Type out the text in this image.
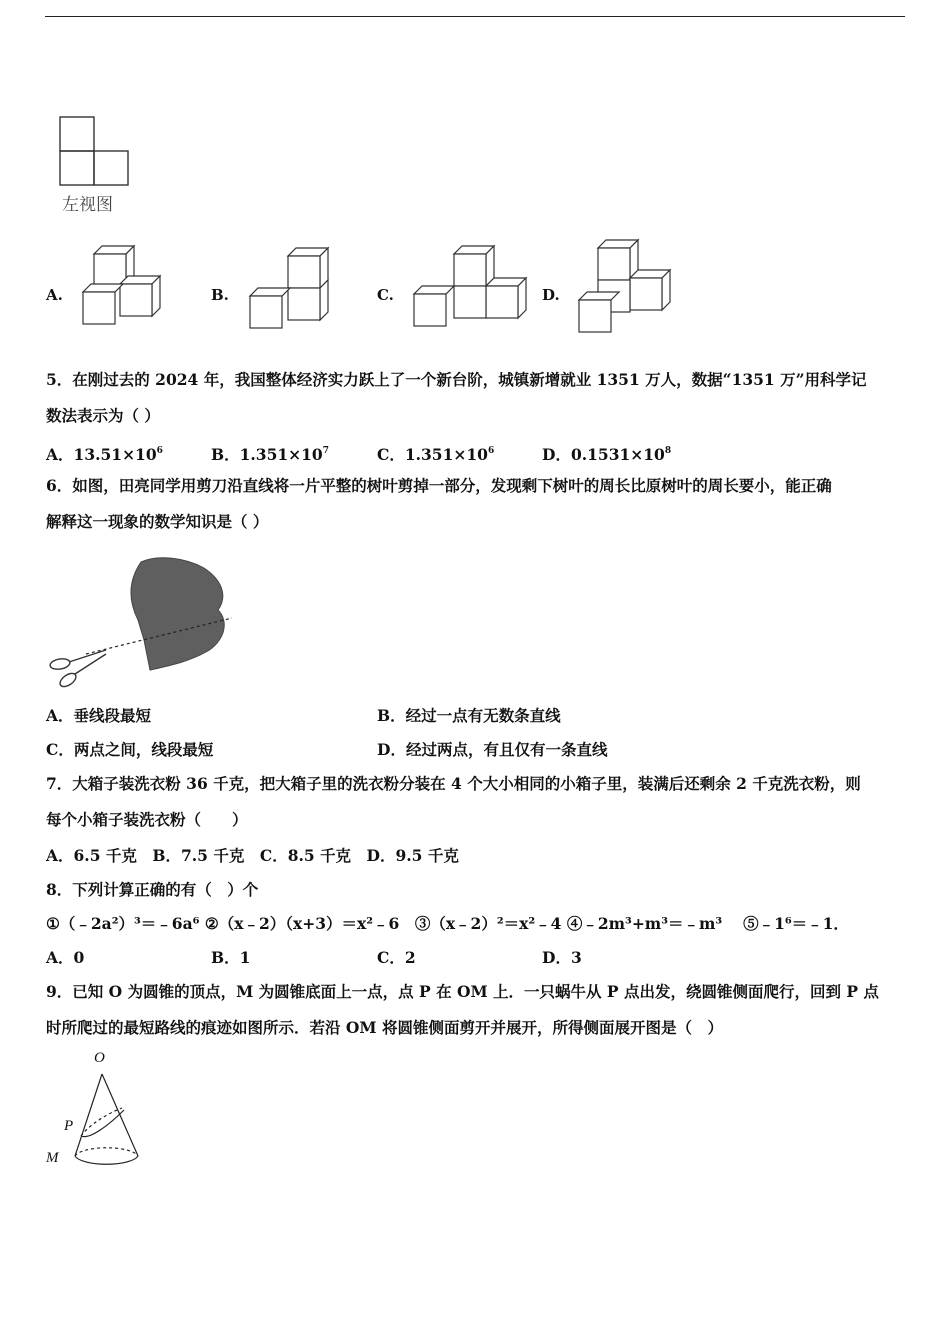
左视图
A.	B.	C.	D.
5．在刚过去的 2024 年，我国整体经济实力跃上了一个新台阶，城镇新增就业 1351 万人，数据“1351 万”用科学记
数法表示为（ ）
A．$13.51\times 10^6$	B．$1.351\times 10^7$	C．$1.351\times 10^6$	D．$0.1531\times 10^8$
6．如图，田亮同学用剪刀沿直线将一片平整的树叶剪掉一部分，发现剩下树叶的周长比原树叶的周长要小，能正确
解释这一现象的数学知识是（ ）
A．垂线段最短	B．经过一点有无数条直线
C．两点之间，线段最短	D．经过两点，有且仅有一条直线
7．大箱子装洗衣粉 36 千克，把大箱子里的洗衣粉分装在 4 个大小相同的小箱子里，装满后还剩余 2 千克洗衣粉，则
每个小箱子装洗衣粉（　　）
A．6.5 千克　B．7.5 千克　C．8.5 千克　D．9.5 千克
8．下列计算正确的有（　）个
①（﹣2a²）³＝﹣6a⁶ ②（x﹣2）（x+3）＝x²﹣6　③（x﹣2）²＝x²﹣4 ④﹣2m³+m³＝﹣m³　 ⑤﹣1⁶＝﹣1．
A．0	B．1	C．2	D．3
9．已知 O 为圆锥的顶点，M 为圆锥底面上一点，点 P 在 OM 上．一只蜗牛从 P 点出发，绕圆锥侧面爬行，回到 P 点
时所爬过的最短路线的痕迹如图所示．若沿 OM 将圆锥侧面剪开并展开，所得侧面展开图是（　）
O
P
M
